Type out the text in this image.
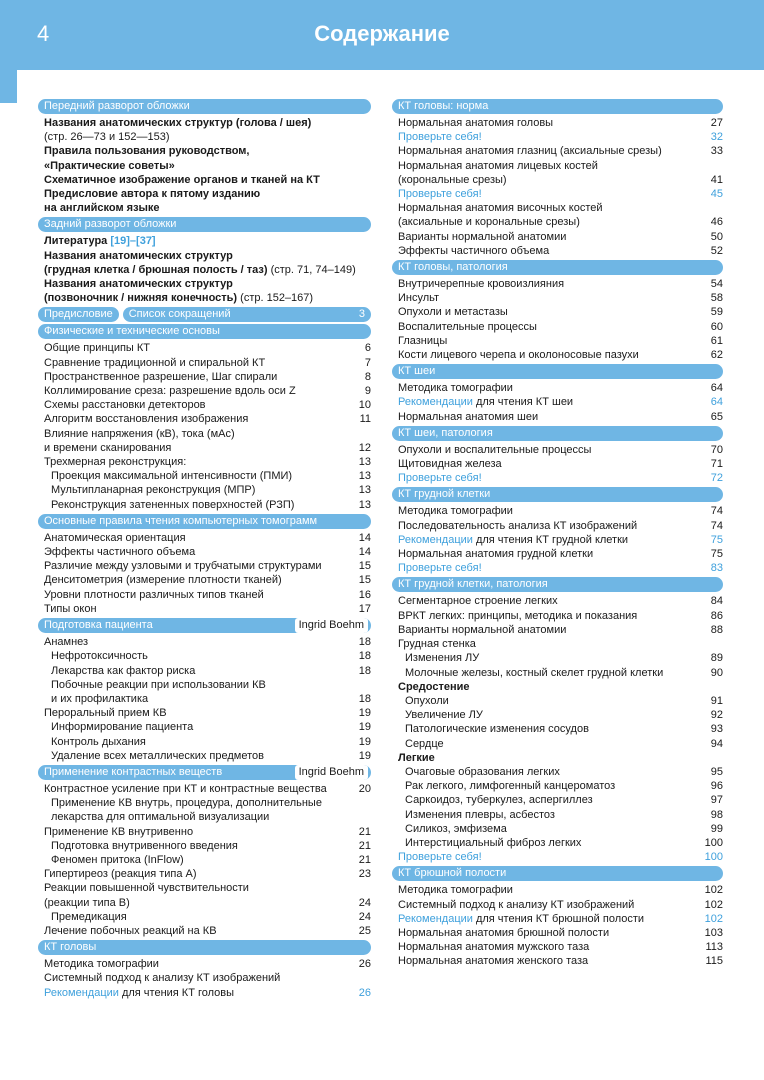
4	Содержание
Передний разворот обложки
Названия анатомических структур (голова / шея)
(стр. 26—73 и 152—153)
Правила пользования руководством,
«Практические советы»
Схематичное изображение органов и тканей на КТ
Предисловие автора к пятому изданию
на английском языке
Задний разворот обложки
Литература [19]–[37]
Названия анатомических структур
(грудная клетка / брюшная полость / таз) (стр. 71, 74–149)
Названия анатомических структур
(позвоночник / нижняя конечность) (стр. 152–167)
Предисловие	Список сокращений	3
Физические и технические основы
Общие принципы КТ	6
Сравнение традиционной и спиральной КТ	7
Пространственное разрешение, Шаг спирали	8
Коллимирование среза: разрешение вдоль оси Z	9
Схемы расстановки детекторов	10
Алгоритм восстановления изображения	11
Влияние напряжения (кВ), тока (мАс)
и времени сканирования	12
Трехмерная реконструкция:	13
Проекция максимальной интенсивности (ПМИ)	13
Мультипланарная реконструкция (МПР)	13
Реконструкция затененных поверхностей (РЗП)	13
Основные правила чтения компьютерных томограмм
Анатомическая ориентация	14
Эффекты частичного объема	14
Различие между узловыми и трубчатыми структурами	15
Денситометрия (измерение плотности тканей)	15
Уровни плотности различных типов тканей	16
Типы окон	17
Подготовка пациента	Ingrid Boehm
Анамнез	18
Нефротоксичность	18
Лекарства как фактор риска	18
Побочные реакции при использовании КВ
и их профилактика	18
Пероральный прием КВ	19
Информирование пациента	19
Контроль дыхания	19
Удаление всех металлических предметов	19
Применение контрастных веществ	Ingrid Boehm
Контрастное усиление при КТ и контрастные вещества	20
Применение КВ внутрь, процедура, дополнительные
лекарства для оптимальной визуализации
Применение КВ внутривенно	21
Подготовка внутривенного введения	21
Феномен притока (InFlow)	21
Гипертиреоз (реакция типа А)	23
Реакции повышенной чувствительности
(реакции типа В)	24
Премедикация	24
Лечение побочных реакций на КВ	25
КТ головы
Методика томографии	26
Системный подход к анализу КТ изображений
Рекомендации для чтения КТ головы	26
КТ головы: норма
Нормальная анатомия головы	27
Проверьте себя!	32
Нормальная анатомия глазниц (аксиальные срезы)	33
Нормальная анатомия лицевых костей
(корональные срезы)	41
Проверьте себя!	45
Нормальная анатомия височных костей
(аксиальные и корональные срезы)	46
Варианты нормальной анатомии	50
Эффекты частичного объема	52
КТ головы, патология
Внутричерепные кровоизлияния	54
Инсульт	58
Опухоли и метастазы	59
Воспалительные процессы	60
Глазницы	61
Кости лицевого черепа и околоносовые пазухи	62
КТ шеи
Методика томографии	64
Рекомендации для чтения КТ шеи	64
Нормальная анатомия шеи	65
КТ шеи, патология
Опухоли и воспалительные процессы	70
Щитовидная железа	71
Проверьте себя!	72
КТ грудной клетки
Методика томографии	74
Последовательность анализа КТ изображений	74
Рекомендации для чтения КТ грудной клетки	75
Нормальная анатомия грудной клетки	75
Проверьте себя!	83
КТ грудной клетки, патология
Сегментарное строение легких	84
ВРКТ легких: принципы, методика и показания	86
Варианты нормальной анатомии	88
Грудная стенка
Изменения ЛУ	89
Молочные железы, костный скелет грудной клетки	90
Средостение
Опухоли	91
Увеличение ЛУ	92
Патологические изменения сосудов	93
Сердце	94
Легкие
Очаговые образования легких	95
Рак легкого, лимфогенный канцероматоз	96
Саркоидоз, туберкулез, аспергиллез	97
Изменения плевры, асбестоз	98
Силикоз, эмфизема	99
Интерстициальный фиброз легких	100
Проверьте себя!	100
КТ брюшной полости
Методика томографии	102
Системный подход к анализу КТ изображений	102
Рекомендации для чтения КТ брюшной полости	102
Нормальная анатомия брюшной полости	103
Нормальная анатомия мужского таза	113
Нормальная анатомия женского таза	115
